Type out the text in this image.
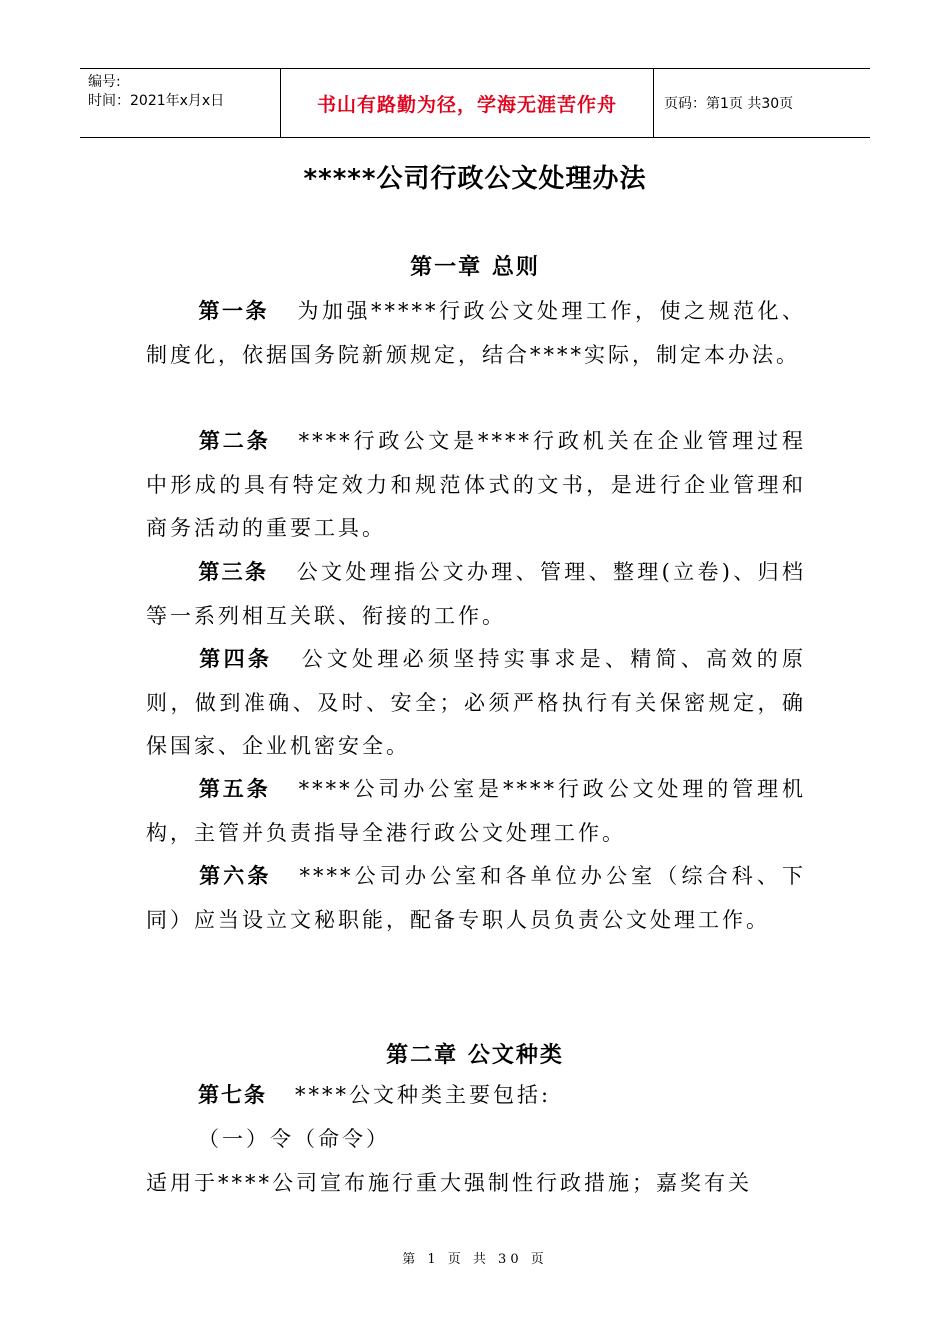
编号:
时间：2021年x月x日	书山有路勤为径，学海无涯苦作舟	页码：第1页 共30页
*****公司行政公文处理办法
第一章 总则
第一条 为加强*****行政公文处理工作，使之规范化、制度化，依据国务院新颁规定，结合****实际，制定本办法。
第二条 ****行政公文是****行政机关在企业管理过程中形成的具有特定效力和规范体式的文书，是进行企业管理和商务活动的重要工具。
第三条 公文处理指公文办理、管理、整理(立卷)、归档等一系列相互关联、衔接的工作。
第四条 公文处理必须坚持实事求是、精简、高效的原则，做到准确、及时、安全；必须严格执行有关保密规定，确保国家、企业机密安全。
第五条 ****公司办公室是****行政公文处理的管理机构，主管并负责指导全港行政公文处理工作。
第六条 ****公司办公室和各单位办公室（综合科、下同）应当设立文秘职能，配备专职人员负责公文处理工作。
第二章 公文种类
第七条 ****公文种类主要包括:
（一）令（命令）
适用于****公司宣布施行重大强制性行政措施；嘉奖有关
第 1 页 共 30 页
